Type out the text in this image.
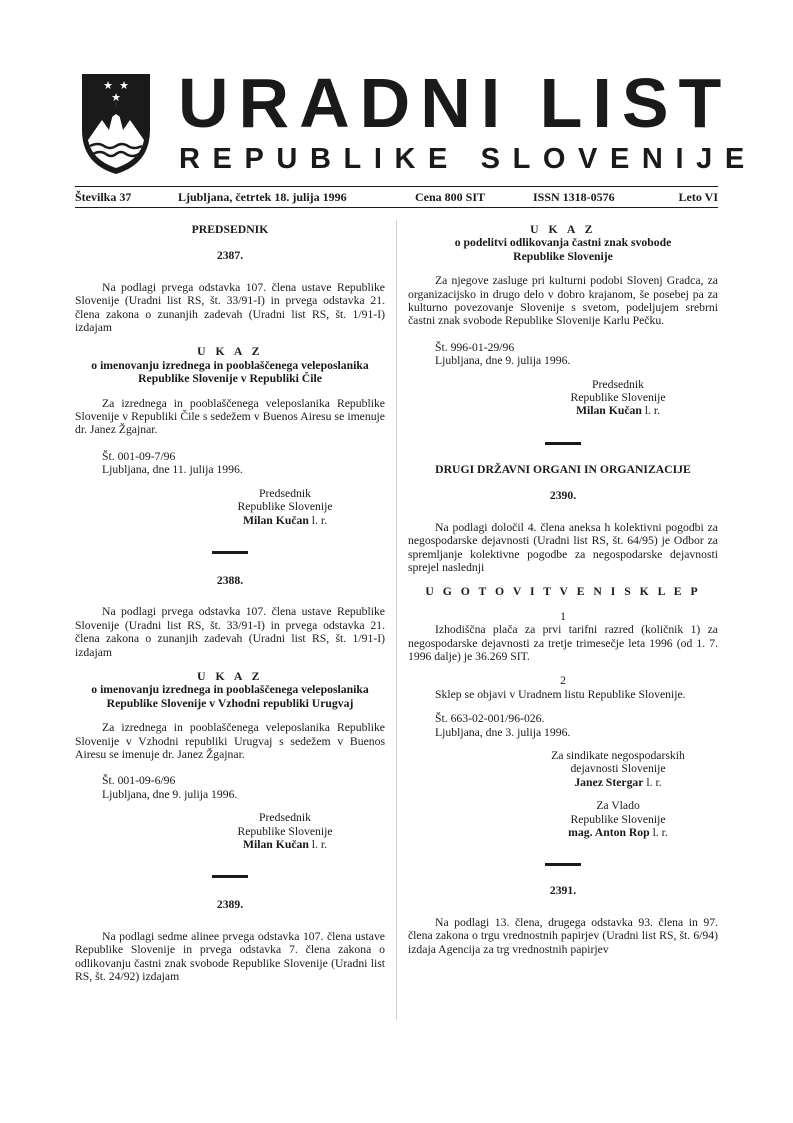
★ ★
★ URADNI LIST
REPUBLIKE SLOVENIJE
Številka 37	Ljubljana, četrtek 18. julija 1996	Cena 800 SIT	ISSN 1318-0576	Leto VI

PREDSEDNIK

2387.

Na podlagi prvega odstavka 107. člena ustave Republike Slovenije (Uradni list RS, št. 33/91-I) in prvega odstavka 21. člena zakona o zunanjih zadevah (Uradni list RS, št. 1/91-I) izdajam

U K A Z

o imenovanju izrednega in pooblaščenega veleposlanika

Republike Slovenije v Republiki Čile

Za izrednega in pooblaščenega veleposlanika Republike Slovenije v Republiki Čile s sedežem v Buenos Airesu se imenuje dr. Janez Žgajnar.

Št. 001-09-7/96

Ljubljana, dne 11. julija 1996.

Predsednik

Republike Slovenije

Milan Kučan l. r.

2388.

Na podlagi prvega odstavka 107. člena ustave Republike Slovenije (Uradni list RS, št. 33/91-I) in prvega odstavka 21. člena zakona o zunanjih zadevah (Uradni list RS, št. 1/91-I) izdajam

U K A Z

o imenovanju izrednega in pooblaščenega veleposlanika

Republike Slovenije v Vzhodni republiki Urugvaj

Za izrednega in pooblaščenega veleposlanika Republike Slovenije v Vzhodni republiki Urugvaj s sedežem v Buenos Airesu se imenuje dr. Janez Žgajnar.

Št. 001-09-6/96

Ljubljana, dne 9. julija 1996.

Predsednik

Republike Slovenije

Milan Kučan l. r.

2389.

Na podlagi sedme alinee prvega odstavka 107. člena ustave Republike Slovenije in prvega odstavka 7. člena zakona o odlikovanju častni znak svobode Republike Slovenije (Uradni list RS, št. 24/92) izdajam

U K A Z

o podelitvi odlikovanja častni znak svobode

Republike Slovenije

Za njegove zasluge pri kulturni podobi Slovenj Gradca, za organizacijsko in drugo delo v dobro krajanom, še posebej pa za kulturno povezovanje Slovenije s svetom, podeljujem srebrni častni znak svobode Republike Slovenije Karlu Pečku.

Št. 996-01-29/96

Ljubljana, dne 9. julija 1996.

Predsednik

Republike Slovenije

Milan Kučan l. r.

DRUGI DRŽAVNI ORGANI IN ORGANIZACIJE

2390.

Na podlagi določil 4. člena aneksa h kolektivni pogodbi za negospodarske dejavnosti (Uradni list RS, št. 64/95) je Odbor za spremljanje kolektivne pogodbe za negospodarske dejavnosti sprejel naslednji

U G O T O V I T V E N I S K L E P

1

Izhodiščna plača za prvi tarifni razred (količnik 1) za negospodarske dejavnosti za tretje trimesečje leta 1996 (od 1. 7. 1996 dalje) je 36.269 SIT.

2

Sklep se objavi v Uradnem listu Republike Slovenije.

Št. 663-02-001/96-026.

Ljubljana, dne 3. julija 1996.

Za sindikate negospodarskih

dejavnosti Slovenije

Janez Stergar l. r.

Za Vlado

Republike Slovenije

mag. Anton Rop l. r.

2391.

Na podlagi 13. člena, drugega odstavka 93. člena in 97. člena zakona o trgu vrednostnih papirjev (Uradni list RS, št. 6/94) izdaja Agencija za trg vrednostnih papirjev
